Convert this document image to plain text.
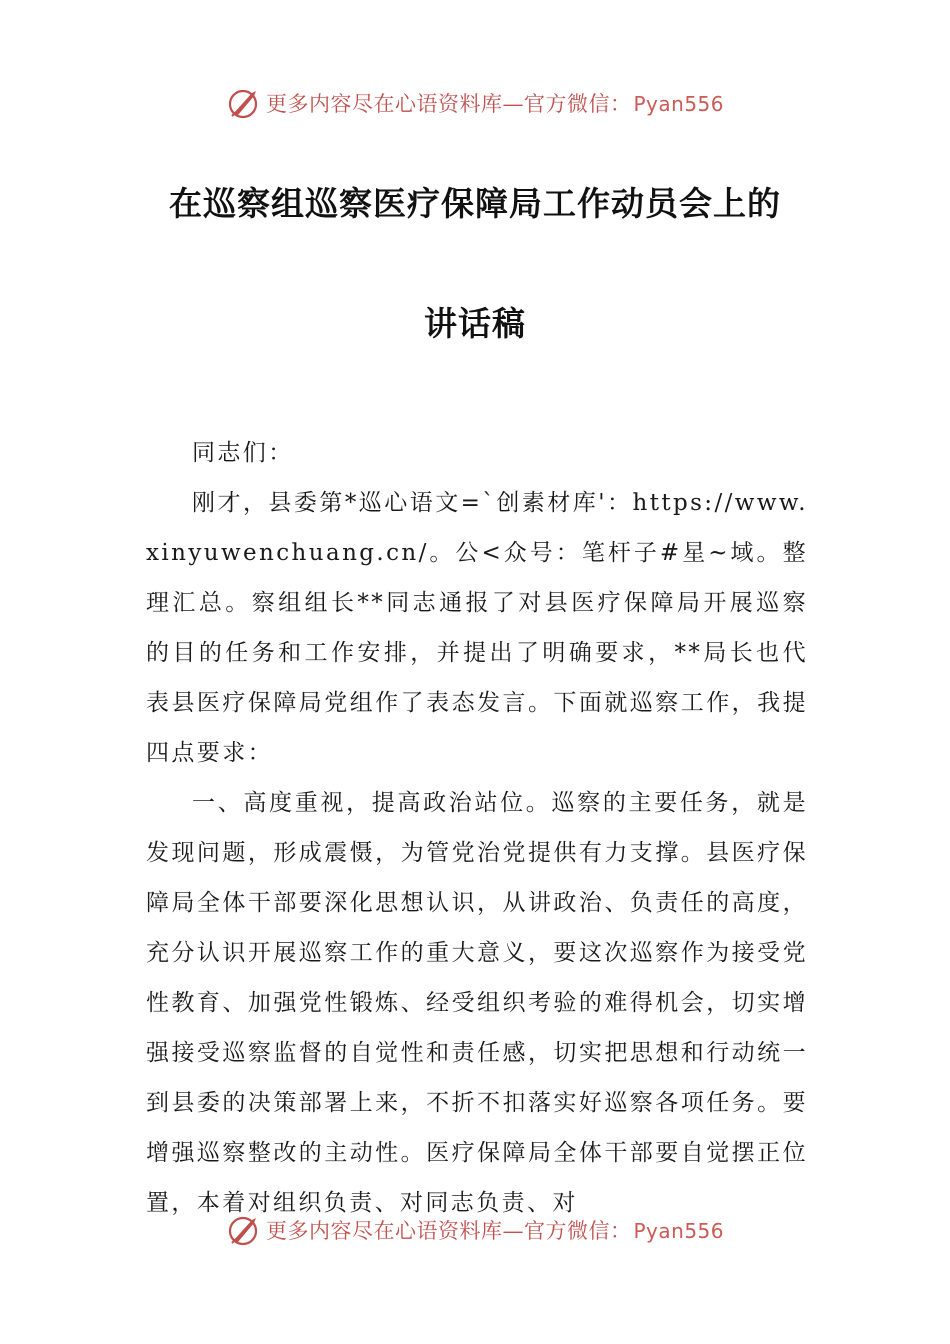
更多内容尽在心语资料库—官方微信： Pyan556
在巡察组巡察医疗保障局工作动员会上的
讲话稿

同志们：

刚才，县委第*巡心语文=`创素材库'：https://www.xinyuwenchuang.cn/。公<众号：笔杆子#星~域。整理汇总。察组组长**同志通报了对县医疗保障局开展巡察的目的任务和工作安排，并提出了明确要求，**局长也代表县医疗保障局党组作了表态发言。下面就巡察工作，我提四点要求：

一、高度重视，提高政治站位。巡察的主要任务，就是发现问题，形成震慑，为管党治党提供有力支撑。县医疗保障局全体干部要深化思想认识，从讲政治、负责任的高度，充分认识开展巡察工作的重大意义，要这次巡察作为接受党性教育、加强党性锻炼、经受组织考验的难得机会，切实增强接受巡察监督的自觉性和责任感，切实把思想和行动统一到县委的决策部署上来，不折不扣落实好巡察各项任务。要增强巡察整改的主动性。医疗保障局全体干部要自觉摆正位置，本着对组织负责、对同志负责、对

更多内容尽在心语资料库—官方微信： Pyan556
